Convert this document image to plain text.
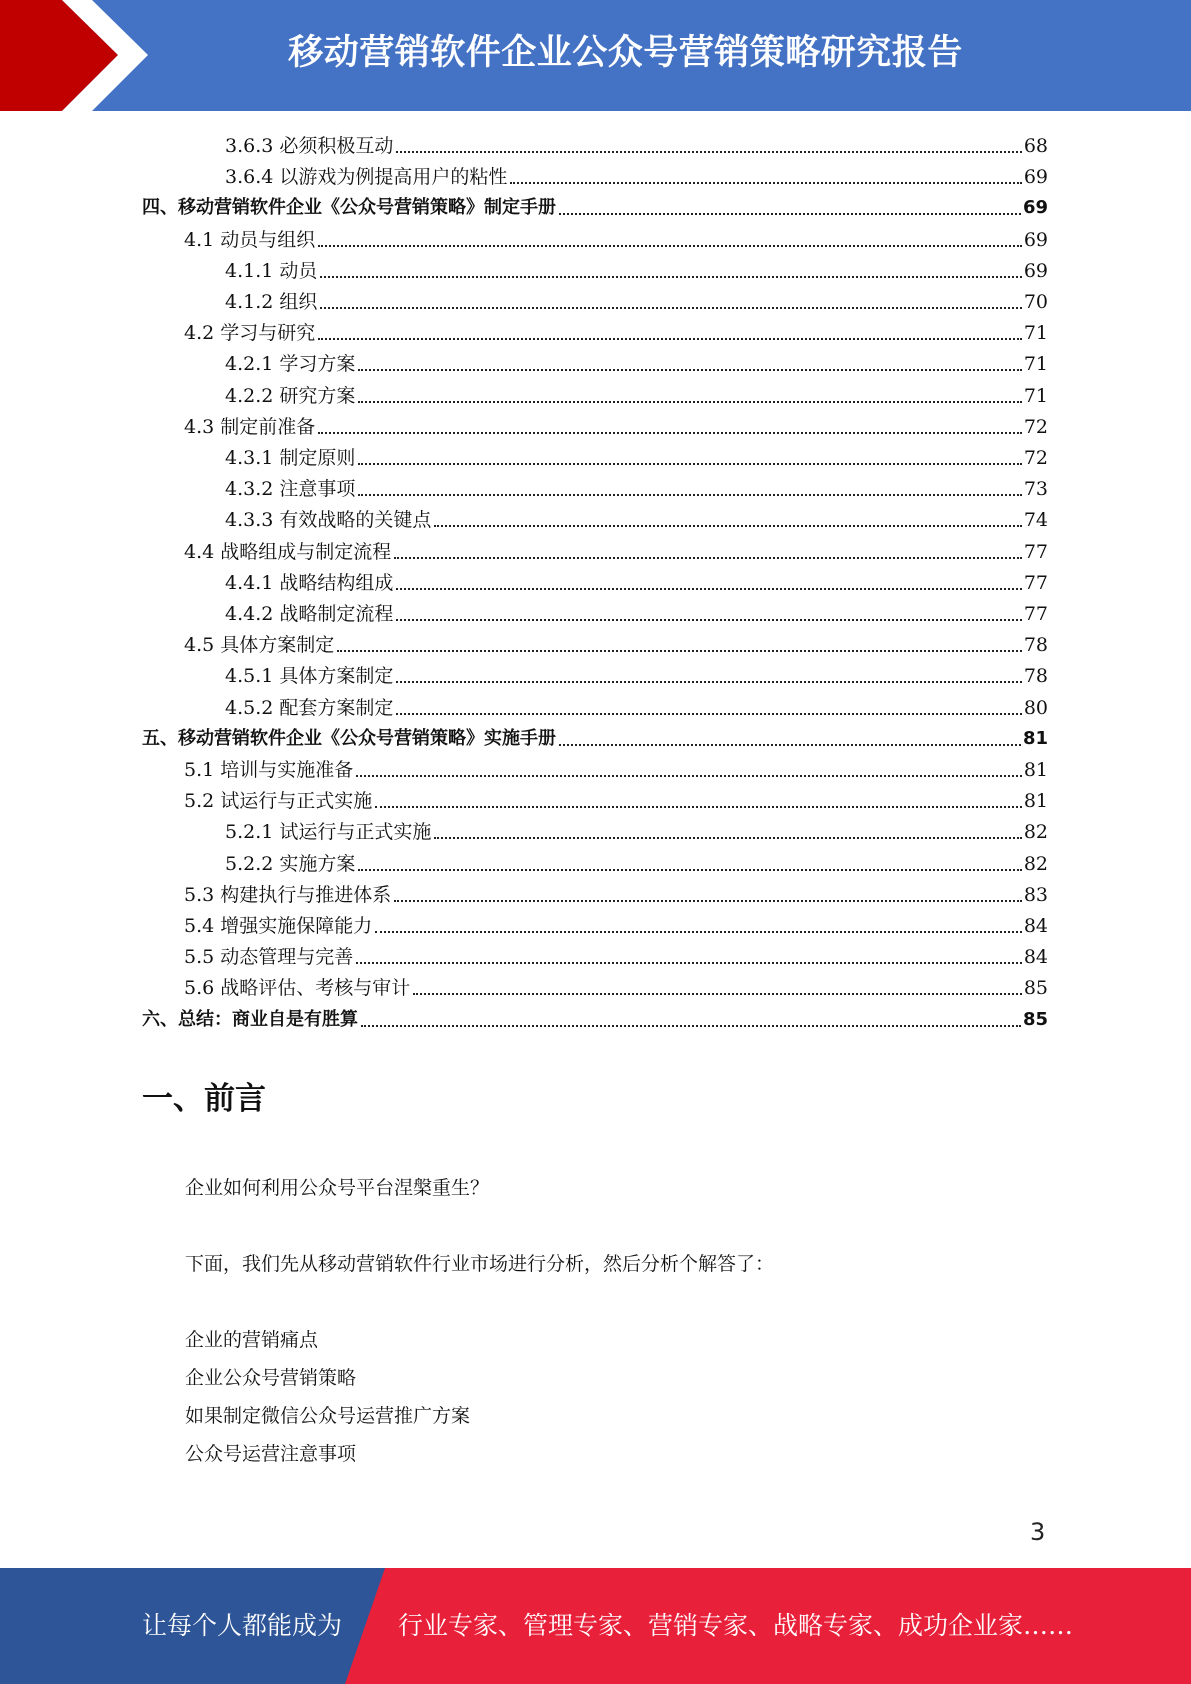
移动营销软件企业公众号营销策略研究报告
3.6.3 必须积极互动	68
3.6.4 以游戏为例提高用户的粘性	69
四、移动营销软件企业《公众号营销策略》制定手册	69
4.1 动员与组织	69
4.1.1 动员	69
4.1.2 组织	70
4.2 学习与研究	71
4.2.1 学习方案	71
4.2.2 研究方案	71
4.3 制定前准备	72
4.3.1 制定原则	72
4.3.2 注意事项	73
4.3.3 有效战略的关键点	74
4.4 战略组成与制定流程	77
4.4.1 战略结构组成	77
4.4.2 战略制定流程	77
4.5 具体方案制定	78
4.5.1 具体方案制定	78
4.5.2 配套方案制定	80
五、移动营销软件企业《公众号营销策略》实施手册	81
5.1 培训与实施准备	81
5.2 试运行与正式实施	81
5.2.1 试运行与正式实施	82
5.2.2 实施方案	82
5.3 构建执行与推进体系	83
5.4 增强实施保障能力	84
5.5 动态管理与完善	84
5.6 战略评估、考核与审计	85
六、总结：商业自是有胜算	85
一、前言
企业如何利用公众号平台涅槃重生？
下面，我们先从移动营销软件行业市场进行分析，然后分析个解答了：
企业的营销痛点
企业公众号营销策略
如果制定微信公众号运营推广方案
公众号运营注意事项
3
让每个人都能成为 行业专家、管理专家、营销专家、战略专家、成功企业家……
